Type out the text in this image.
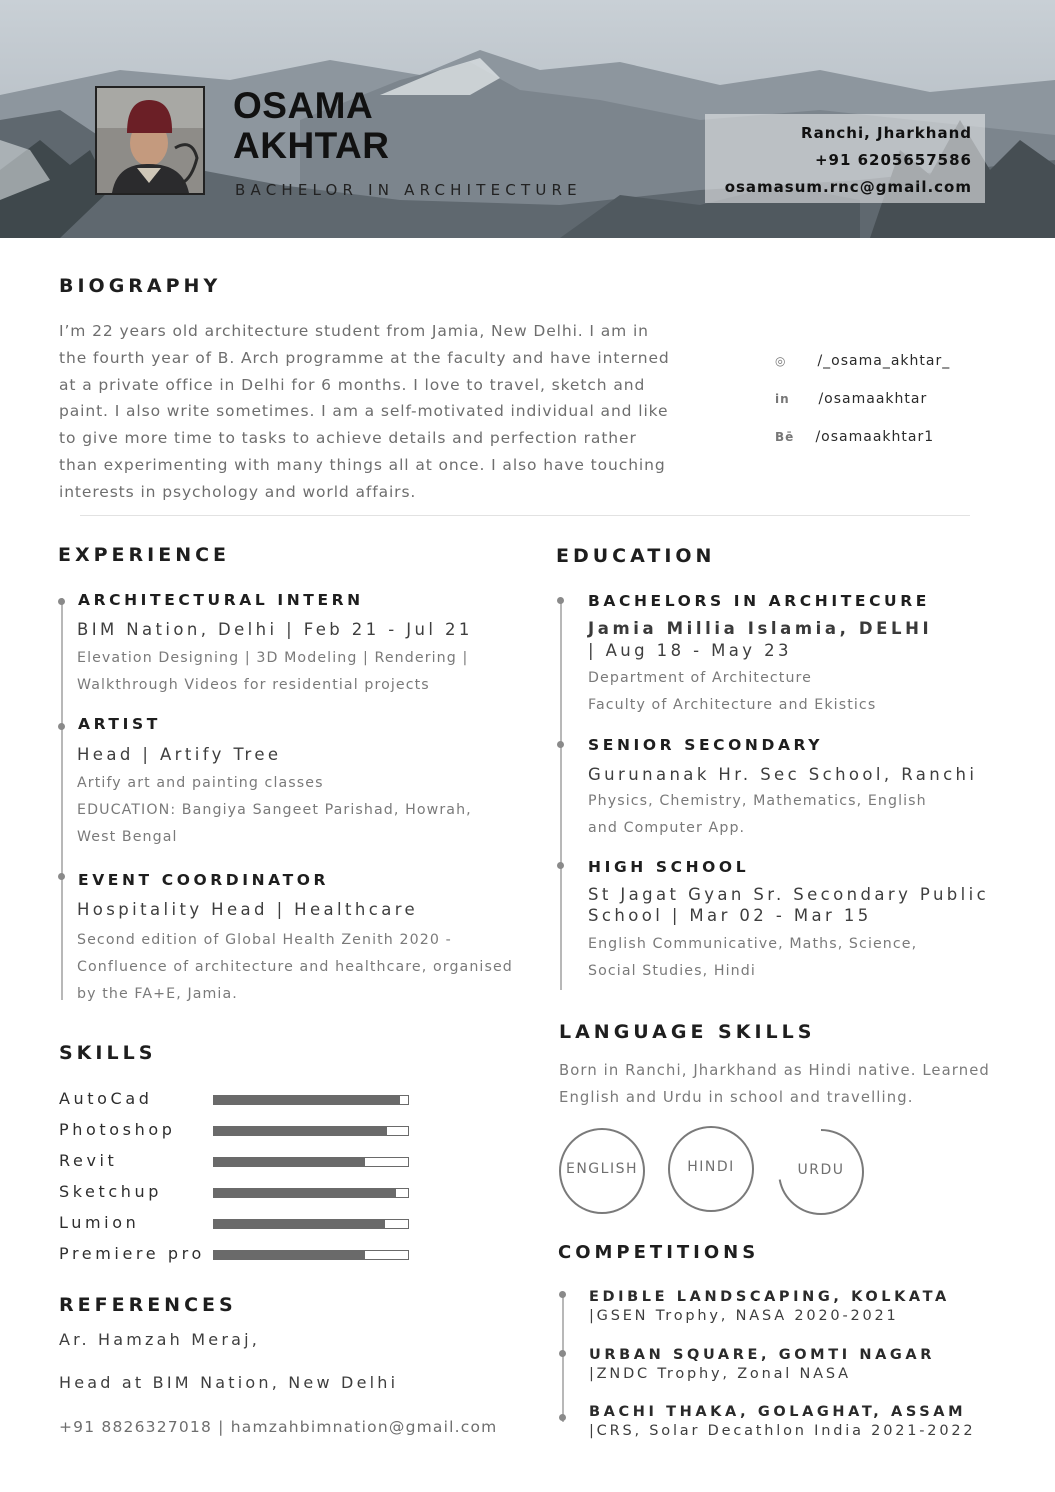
OSAMA
AKHTAR
BACHELOR IN ARCHITECTURE
Ranchi, Jharkhand
+91 6205657586
osamasum.rnc@gmail.com
BIOGRAPHY
I’m 22 years old architecture student from Jamia, New Delhi. I am in
the fourth year of B. Arch programme at the faculty and have interned
at a private office in Delhi for 6 months. I love to travel, sketch and
paint. I also write sometimes. I am a self-motivated individual and like
to give more time to tasks to achieve details and perfection rather
than experimenting with many things all at once. I also have touching
interests in psychology and world affairs.
◎ /_osama_akhtar_
in /osamaakhtar
Bē /osamaakhtar1
EXPERIENCE
ARCHITECTURAL INTERN
BIM Nation, Delhi | Feb 21 - Jul 21
Elevation Designing | 3D Modeling | Rendering |
Walkthrough Videos for residential projects
ARTIST
Head | Artify Tree
Artify art and painting classes
EDUCATION: Bangiya Sangeet Parishad, Howrah,
West Bengal
EVENT COORDINATOR
Hospitality Head | Healthcare
Second edition of Global Health Zenith 2020 -
Confluence of architecture and healthcare, organised
by the FA+E, Jamia.
EDUCATION
BACHELORS IN ARCHITECURE
Jamia Millia Islamia, DELHI
| Aug 18 - May 23
Department of Architecture
Faculty of Architecture and Ekistics
SENIOR SECONDARY
Gurunanak Hr. Sec School, Ranchi
Physics, Chemistry, Mathematics, English
and Computer App.
HIGH SCHOOL
St Jagat Gyan Sr. Secondary Public
School | Mar 02 - Mar 15
English Communicative, Maths, Science,
Social Studies, Hindi
SKILLS
AutoCad
Photoshop
Revit
Sketchup
Lumion
Premiere pro
REFERENCES
Ar. Hamzah Meraj,
Head at BIM Nation, New Delhi
+91 8826327018 | hamzahbimnation@gmail.com
LANGUAGE SKILLS
Born in Ranchi, Jharkhand as Hindi native. Learned
English and Urdu in school and travelling.
ENGLISH	HINDI	URDU
COMPETITIONS
EDIBLE LANDSCAPING, KOLKATA
|GSEN Trophy, NASA 2020-2021
URBAN SQUARE, GOMTI NAGAR
|ZNDC Trophy, Zonal NASA
BACHI THAKA, GOLAGHAT, ASSAM
|CRS, Solar Decathlon India 2021-2022
